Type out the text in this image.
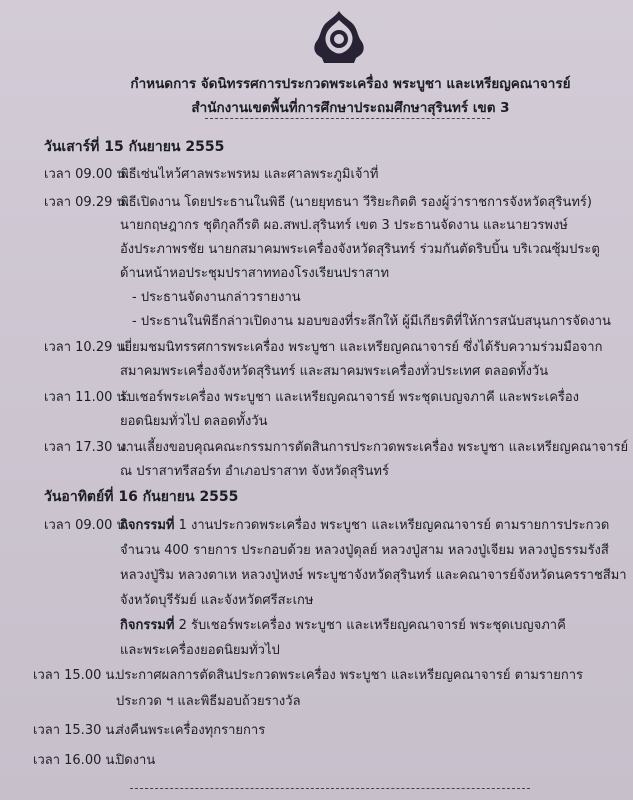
กำหนดการ จัดนิทรรศการประกวดพระเครื่อง พระบูชา และเหรียญคณาจารย์
สำนักงานเขตพื้นที่การศึกษาประถมศึกษาสุรินทร์ เขต 3
วันเสาร์ที่ 15 กันยายน 2555
เวลา 09.00 น.
พิธีเซ่นไหว้ศาลพระพรหม และศาลพระภูมิเจ้าที่
เวลา 09.29 น.
พิธีเปิดงาน โดยประธานในพิธี (นายยุทธนา วีริยะกิตติ รองผู้ว่าราชการจังหวัดสุรินทร์)
นายกฤษฎากร ชุติกุลกีรติ ผอ.สพป.สุรินทร์ เขต 3 ประธานจัดงาน และนายวรพงษ์
อังประภาพรชัย นายกสมาคมพระเครื่องจังหวัดสุรินทร์ ร่วมกันตัดริบบิ้น บริเวณซุ้มประตู
ด้านหน้าหอประชุมปราสาททองโรงเรียนปราสาท
- ประธานจัดงานกล่าวรายงาน
- ประธานในพิธีกล่าวเปิดงาน มอบของที่ระลึกให้ ผู้มีเกียรติที่ให้การสนับสนุนการจัดงาน
เวลา 10.29 น.
เยี่ยมชมนิทรรศการพระเครื่อง พระบูชา และเหรียญคณาจารย์ ซึ่งได้รับความร่วมมือจาก
สมาคมพระเครื่องจังหวัดสุรินทร์ และสมาคมพระเครื่องทั่วประเทศ ตลอดทั้งวัน
เวลา 11.00 น.
รับเชอร์พระเครื่อง พระบูชา และเหรียญคณาจารย์ พระชุดเบญจภาคี และพระเครื่อง
ยอดนิยมทั่วไป ตลอดทั้งวัน
เวลา 17.30 น.
งานเลี้ยงขอบคุณคณะกรรมการตัดสินการประกวดพระเครื่อง พระบูชา และเหรียญคณาจารย์
ณ ปราสาทรีสอร์ท อำเภอปราสาท จังหวัดสุรินทร์
วันอาทิตย์ที่ 16 กันยายน 2555
เวลา 09.00 น.
กิจกรรมที่ 1 งานประกวดพระเครื่อง พระบูชา และเหรียญคณาจารย์ ตามรายการประกวด
จำนวน 400 รายการ ประกอบด้วย หลวงปู่ดุลย์ หลวงปู่สาม หลวงปู่เจียม หลวงปู่ธรรมรังสี
หลวงปู่ริม หลวงตาเห หลวงปู่หงษ์ พระบูชาจังหวัดสุรินทร์ และคณาจารย์จังหวัดนครราชสีมา
จังหวัดบุรีรัมย์ และจังหวัดศรีสะเกษ
กิจกรรมที่ 2 รับเชอร์พระเครื่อง พระบูชา และเหรียญคณาจารย์ พระชุดเบญจภาคี
และพระเครื่องยอดนิยมทั่วไป
เวลา 15.00 น.
ประกาศผลการตัดสินประกวดพระเครื่อง พระบูชา และเหรียญคณาจารย์ ตามรายการ
ประกวด ฯ และพิธีมอบถ้วยรางวัล
เวลา 15.30 น.
ส่งคืนพระเครื่องทุกรายการ
เวลา 16.00 น.
ปิดงาน
